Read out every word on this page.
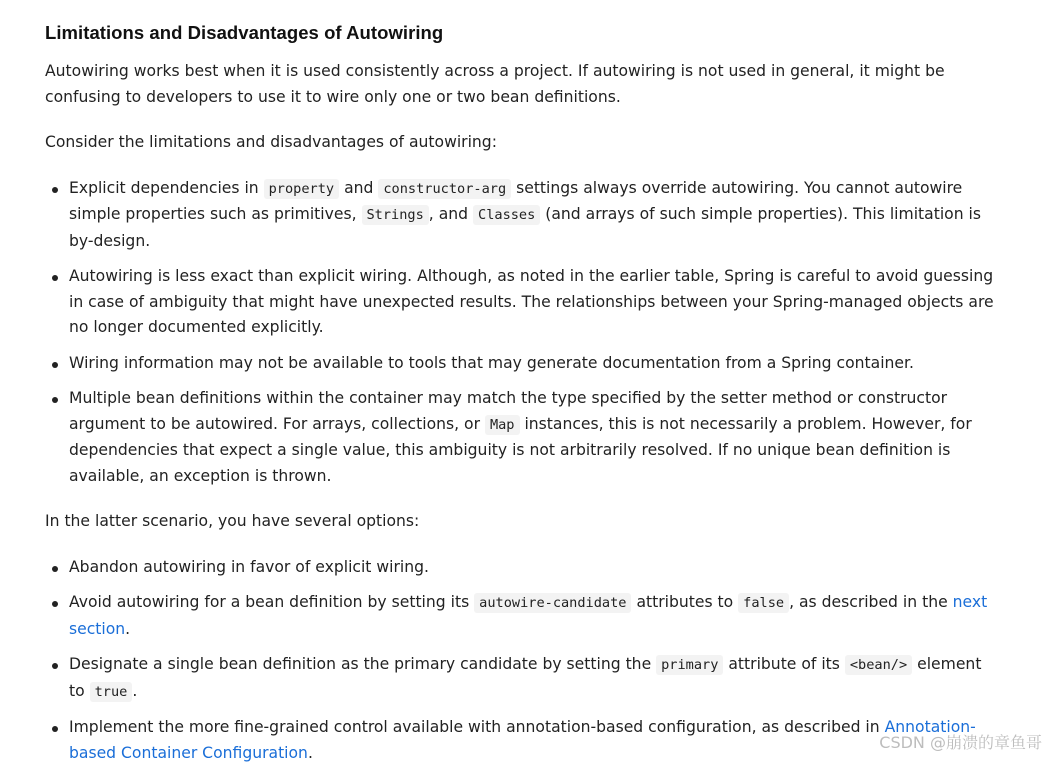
Limitations and Disadvantages of Autowiring

Autowiring works best when it is used consistently across a project. If autowiring is not used in general, it might be confusing to developers to use it to wire only one or two bean definitions.

Consider the limitations and disadvantages of autowiring:

Explicit dependencies in property and constructor-arg settings always override autowiring. You cannot autowire simple properties such as primitives, Strings , and Classes (and arrays of such simple properties). This limitation is by-design.
Autowiring is less exact than explicit wiring. Although, as noted in the earlier table, Spring is careful to avoid guessing in case of ambiguity that might have unexpected results. The relationships between your Spring-managed objects are no longer documented explicitly.
Wiring information may not be available to tools that may generate documentation from a Spring container.
Multiple bean definitions within the container may match the type specified by the setter method or constructor argument to be autowired. For arrays, collections, or Map instances, this is not necessarily a problem. However, for dependencies that expect a single value, this ambiguity is not arbitrarily resolved. If no unique bean definition is available, an exception is thrown.

In the latter scenario, you have several options:

Abandon autowiring in favor of explicit wiring.
Avoid autowiring for a bean definition by setting its autowire-candidate attributes to false , as described in the next section.
Designate a single bean definition as the primary candidate by setting the primary attribute of its <bean/> element to true .
Implement the more fine-grained control available with annotation-based configuration, as described in Annotation-based Container Configuration.
CSDN @崩溃的章鱼哥
